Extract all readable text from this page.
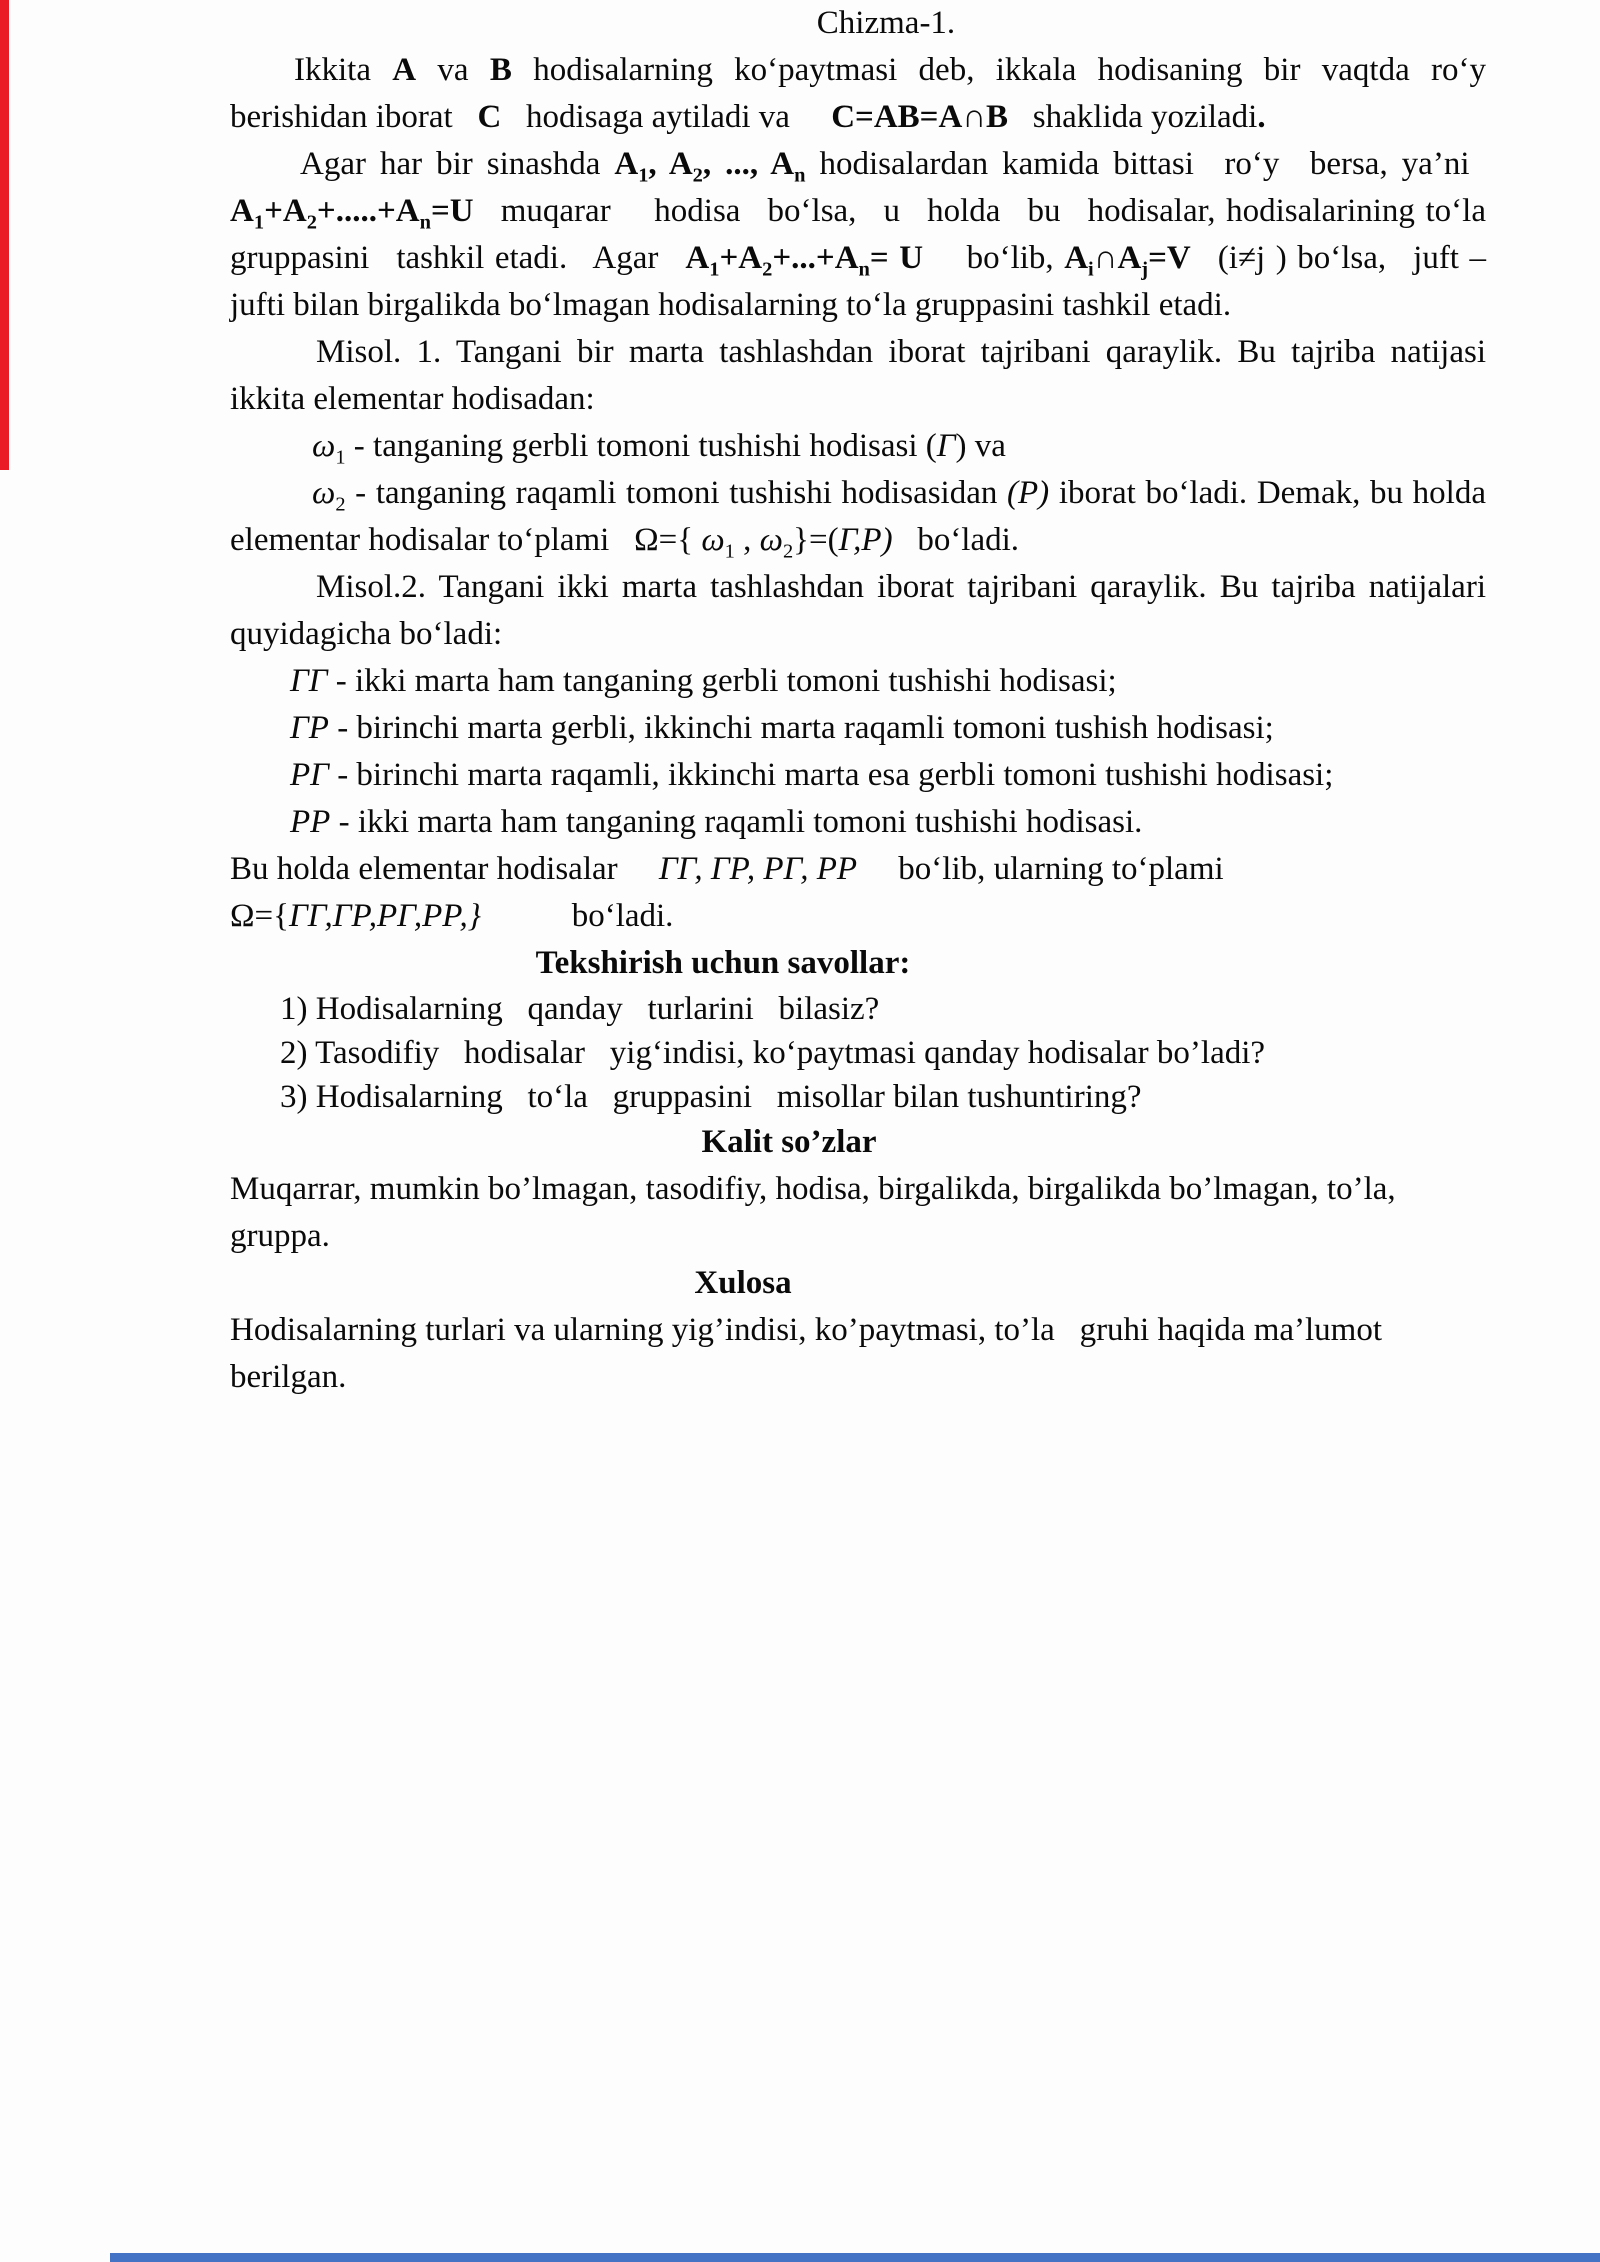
Chizma-1.

Ikkita A va B hodisalarning ko‘paytmasi deb, ikkala hodisaning bir vaqtda ro‘y berishidan iborat  C  hodisaga aytiladi va   C=AB=A∩B  shaklida yoziladi.

Agar har bir sinashda $A_1$, $A_2$, ..., $A_n$ hodisalardan kamida bittasi  ro‘y  bersa, ya’ni  $A_1+A_2+.....+A_n=U$  muqarar   hodisa  bo‘lsa,  u  holda  bu  hodisalar, hodisalarining to‘la gruppasini  tashkil etadi.  Agar  $A_1+A_2+...+A_n= U$   bo‘lib, $A_i\cap A_j=V$  (i≠j ) bo‘lsa,  juft – jufti bilan birgalikda bo‘lmagan hodisalarning to‘la gruppasini tashkil etadi.

Misol. 1. Tangani bir marta tashlashdan iborat tajribani qaraylik. Bu tajriba natijasi ikkita elementar hodisadan:

$\omega_1$ - tanganing gerbli tomoni tushishi hodisasi (Γ) va

$\omega_2$ - tanganing raqamli tomoni tushishi hodisasidan (P) iborat bo‘ladi. Demak, bu holda elementar hodisalar to‘plami  Ω={ $\omega_1$ , $\omega_2\}=(\Gamma,P)$  bo‘ladi.

Misol.2. Tangani ikki marta tashlashdan iborat tajribani qaraylik. Bu tajriba natijalari quyidagicha bo‘ladi:

ГГ - ikki marta ham tanganing gerbli tomoni tushishi hodisasi;

ГР - birinchi marta gerbli, ikkinchi marta raqamli tomoni tushish hodisasi;

РГ - birinchi marta raqamli, ikkinchi marta esa gerbli tomoni tushishi hodisasi;

РР - ikki marta ham tanganing raqamli tomoni tushishi hodisasi.

Bu holda elementar hodisalar   ГГ, ГР, РГ, РР   bo‘lib, ularning to‘plami

Ω={ГГ,ГР,РГ,РР,}    bo‘ladi.

Tekshirish uchun savollar:
1) Hodisalarning  qanday  turlarini  bilasiz?
2) Tasodifiy  hodisalar  yig‘indisi, ko‘paytmasi qanday hodisalar bo’ladi?
3) Hodisalarning  to‘la  gruppasini  misollar bilan tushuntiring?
Kalit so’zlar

Muqarrar, mumkin bo’lmagan, tasodifiy, hodisa, birgalikda, birgalikda bo’lmagan, to’la, gruppa.

Xulosa

Hodisalarning turlari va ularning yig’indisi, ko’paytmasi, to’la  gruhi haqida ma’lumot berilgan.
